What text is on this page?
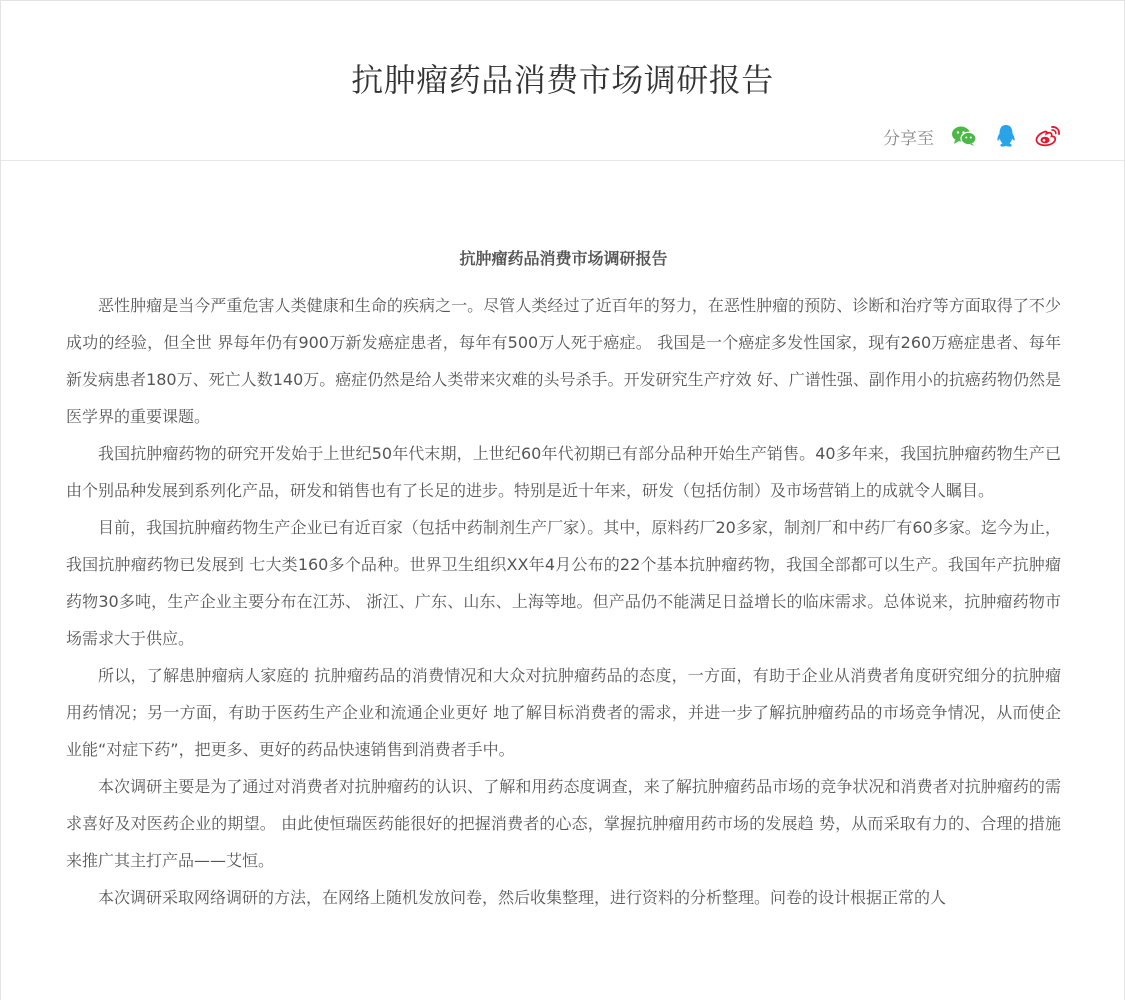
抗肿瘤药品消费市场调研报告
分享至
抗肿瘤药品消费市场调研报告

恶性肿瘤是当今严重危害人类健康和生命的疾病之一。尽管人类经过了近百年的努力，在恶性肿瘤的预防、诊断和治疗等方面取得了不少成功的经验，但全世 界每年仍有900万新发癌症患者，每年有500万人死于癌症。 我国是一个癌症多发性国家，现有260万癌症患者、每年新发病患者180万、死亡人数140万。癌症仍然是给人类带来灾难的头号杀手。开发研究生产疗效 好、广谱性强、副作用小的抗癌药物仍然是医学界的重要课题。

我国抗肿瘤药物的研究开发始于上世纪50年代末期，上世纪60年代初期已有部分品种开始生产销售。40多年来，我国抗肿瘤药物生产已由个别品种发展到系列化产品，研发和销售也有了长足的进步。特别是近十年来，研发（包括仿制）及市场营销上的成就令人瞩目。

目前，我国抗肿瘤药物生产企业已有近百家（包括中药制剂生产厂家）。其中，原料药厂20多家，制剂厂和中药厂有60多家。迄今为止，我国抗肿瘤药物已发展到 七大类160多个品种。世界卫生组织XX年4月公布的22个基本抗肿瘤药物，我国全部都可以生产。我国年产抗肿瘤药物30多吨，生产企业主要分布在江苏、 浙江、广东、山东、上海等地。但产品仍不能满足日益增长的临床需求。总体说来，抗肿瘤药物市场需求大于供应。

所以，了解患肿瘤病人家庭的 抗肿瘤药品的消费情况和大众对抗肿瘤药品的态度，一方面，有助于企业从消费者角度研究细分的抗肿瘤用药情况；另一方面，有助于医药生产企业和流通企业更好 地了解目标消费者的需求，并进一步了解抗肿瘤药品的市场竞争情况，从而使企业能“对症下药”，把更多、更好的药品快速销售到消费者手中。

本次调研主要是为了通过对消费者对抗肿瘤药的认识、了解和用药态度调查，来了解抗肿瘤药品市场的竞争状况和消费者对抗肿瘤药的需求喜好及对医药企业的期望。 由此使恒瑞医药能很好的把握消费者的心态，掌握抗肿瘤用药市场的发展趋 势，从而采取有力的、合理的措施来推广其主打产品——艾恒。

本次调研采取网络调研的方法，在网络上随机发放问卷，然后收集整理，进行资料的分析整理。问卷的设计根据正常的人
